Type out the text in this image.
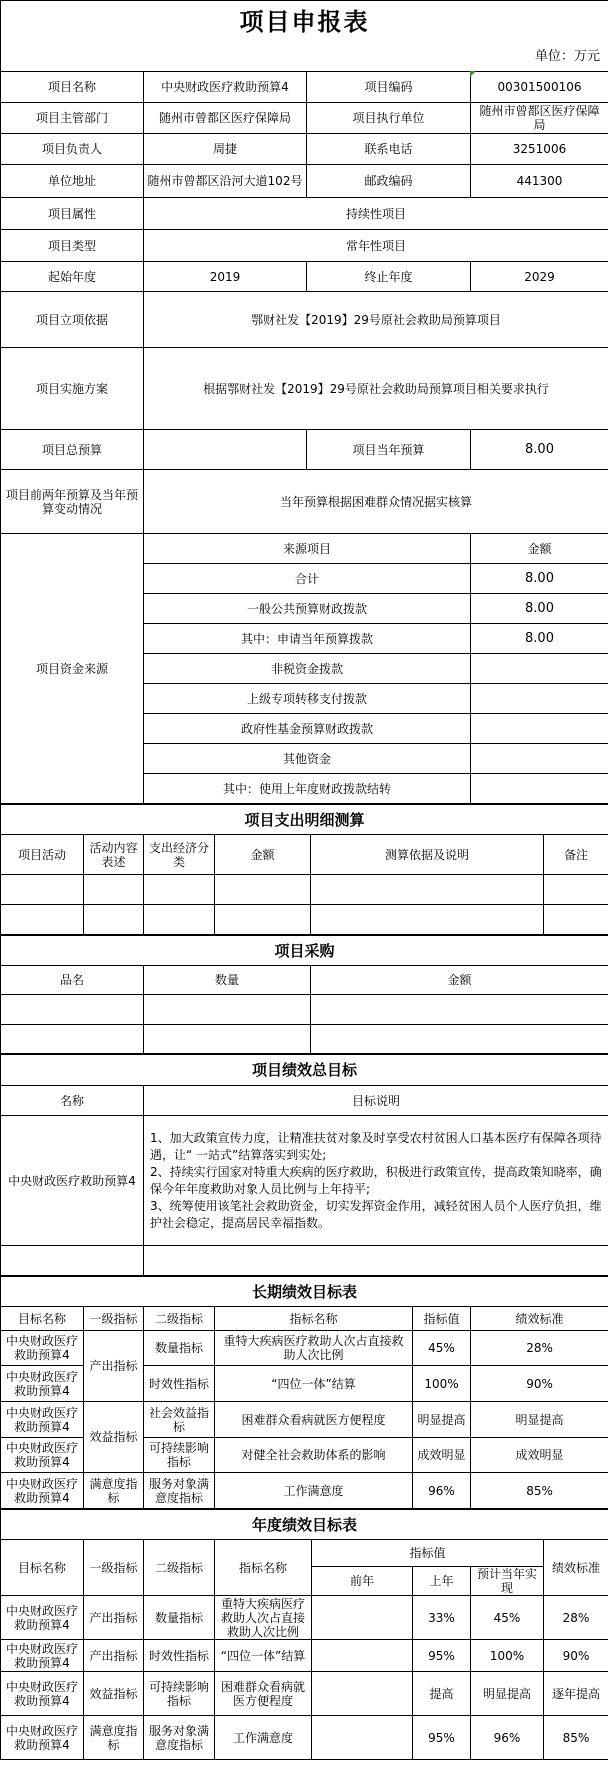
项目申报表			
单位：万元			
项目名称	中央财政医疗救助预算4	项目编码	00301500106
项目主管部门	随州市曾都区医疗保障局	项目执行单位	随州市曾都区医疗保障局
项目负责人	周捷	联系电话	3251006
单位地址	随州市曾都区沿河大道102号	邮政编码	441300
项目属性	持续性项目		
项目类型	常年性项目		
起始年度	2019	终止年度	2029
项目立项依据	鄂财社发【2019】29号原社会救助局预算项目		
项目实施方案	根据鄂财社发【2019】29号原社会救助局预算项目相关要求执行		
项目总预算		项目当年预算	8.00
项目前两年预算及当年预算变动情况	当年预算根据困难群众情况据实核算		
项目资金来源	来源项目		金额
	合计		8.00
	一般公共预算财政拨款		8.00
	其中：申请当年预算拨款		8.00
	非税资金拨款		
	上级专项转移支付拨款		
	政府性基金预算财政拨款		
	其他资金		
	其中：使用上年度财政拨款结转		
项目支出明细测算					
项目活动	活动内容表述	支出经济分类	金额	测算依据及说明	备注

项目采购		
品名	数量	金额

项目绩效总目标	
名称	目标说明
中央财政医疗救助预算4	1、加大政策宣传力度，让精准扶贫对象及时享受农村贫困人口基本医疗有保障各项待遇，让“ 一站式”结算落实到实处;
2、持续实行国家对特重大疾病的医疗救助，积极进行政策宣传，提高政策知晓率，确保今年年度救助对象人员比例与上年持平;
3、统筹使用该笔社会救助资金，切实发挥资金作用，减轻贫困人员个人医疗负担，维护社会稳定，提高居民幸福指数。

长期绩效目标表					
目标名称	一级指标	二级指标	指标名称	指标值	绩效标准
中央财政医疗救助预算4	产出指标	数量指标	重特大疾病医疗救助人次占直接救助人次比例	45%	28%
中央财政医疗救助预算4		时效性指标	“四位一体”结算	100%	90%
中央财政医疗救助预算4	效益指标	社会效益指标	困难群众看病就医方便程度	明显提高	明显提高
中央财政医疗救助预算4		可持续影响指标	对健全社会救助体系的影响	成效明显	成效明显
中央财政医疗救助预算4	满意度指标	服务对象满意度指标	工作满意度	96%	85%
年度绩效目标表							
目标名称	一级指标	二级指标	指标名称	指标值			绩效标准
				前年	上年	预计当年实现	
中央财政医疗救助预算4	产出指标	数量指标	重特大疾病医疗救助人次占直接救助人次比例		33%	45%	28%
中央财政医疗救助预算4	产出指标	时效性指标	“四位一体”结算		95%	100%	90%
中央财政医疗救助预算4	效益指标	可持续影响指标	困难群众看病就医方便程度		提高	明显提高	逐年提高
中央财政医疗救助预算4	满意度指标	服务对象满意度指标	工作满意度		95%	96%	85%
